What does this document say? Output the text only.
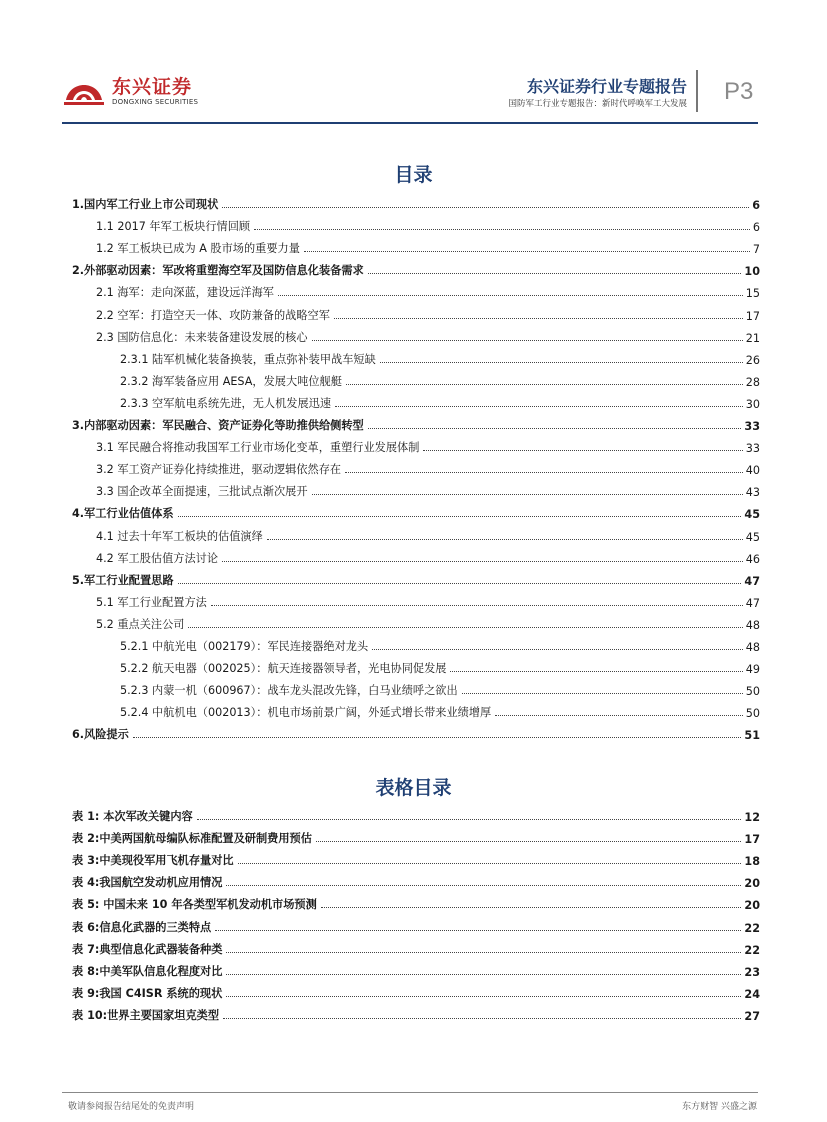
东兴证券
DONGXING SECURITIES
东兴证券行业专题报告
国防军工行业专题报告：新时代呼唤军工大发展 P3
目录
1.国内军工行业上市公司现状	6
1.1 2017 年军工板块行情回顾	6
1.2 军工板块已成为 A 股市场的重要力量	7
2.外部驱动因素：军改将重塑海空军及国防信息化装备需求	10
2.1 海军：走向深蓝，建设远洋海军	15
2.2 空军：打造空天一体、攻防兼备的战略空军	17
2.3 国防信息化：未来装备建设发展的核心	21
2.3.1 陆军机械化装备换装，重点弥补装甲战车短缺	26
2.3.2 海军装备应用 AESA，发展大吨位舰艇	28
2.3.3 空军航电系统先进，无人机发展迅速	30
3.内部驱动因素：军民融合、资产证券化等助推供给侧转型	33
3.1 军民融合将推动我国军工行业市场化变革，重塑行业发展体制	33
3.2 军工资产证券化持续推进，驱动逻辑依然存在	40
3.3 国企改革全面提速，三批试点渐次展开	43
4.军工行业估值体系	45
4.1 过去十年军工板块的估值演绎	45
4.2 军工股估值方法讨论	46
5.军工行业配置思路	47
5.1 军工行业配置方法	47
5.2 重点关注公司	48
5.2.1 中航光电（002179）：军民连接器绝对龙头	48
5.2.2 航天电器（002025）：航天连接器领导者，光电协同促发展	49
5.2.3 内蒙一机（600967）：战车龙头混改先锋，白马业绩呼之欲出	50
5.2.4 中航机电（002013）：机电市场前景广阔，外延式增长带来业绩增厚	50
6.风险提示	51
表格目录
表 1: 本次军改关键内容	12
表 2:中美两国航母编队标准配置及研制费用预估	17
表 3:中美现役军用飞机存量对比	18
表 4:我国航空发动机应用情况	20
表 5: 中国未来 10 年各类型军机发动机市场预测	20
表 6:信息化武器的三类特点	22
表 7:典型信息化武器装备种类	22
表 8:中美军队信息化程度对比	23
表 9:我国 C4ISR 系统的现状	24
表 10:世界主要国家坦克类型	27
敬请参阅报告结尾处的免责声明	东方财智 兴盛之源
